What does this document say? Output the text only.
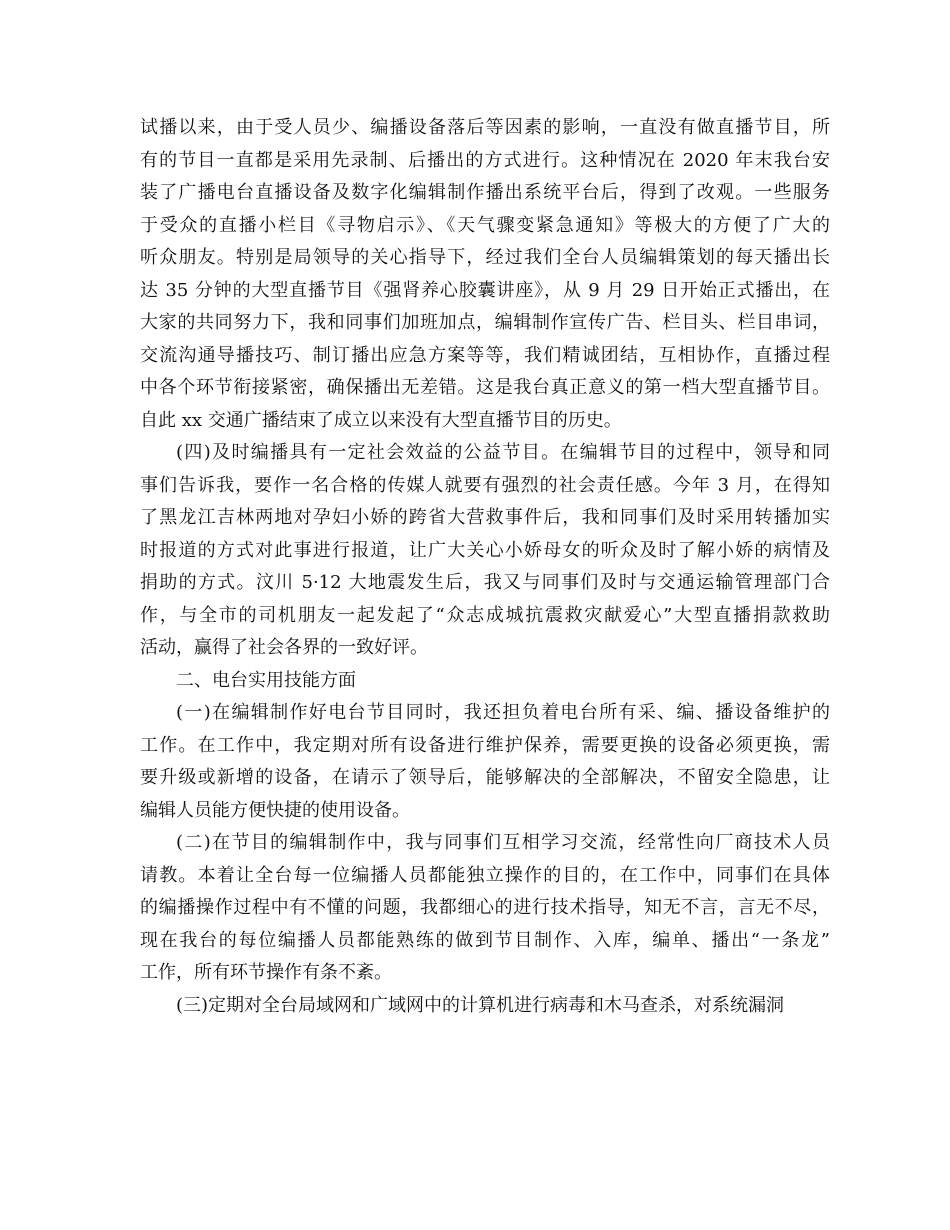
试播以来，由于受人员少、编播设备落后等因素的影响，一直没有做直播节目，所
有的节目一直都是采用先录制、后播出的方式进行。这种情况在 2020 年末我台安
装了广播电台直播设备及数字化编辑制作播出系统平台后，得到了改观。一些服务
于受众的直播小栏目《寻物启示》、《天气骤变紧急通知》等极大的方便了广大的
听众朋友。特别是局领导的关心指导下，经过我们全台人员编辑策划的每天播出长
达 35 分钟的大型直播节目《强肾养心胶囊讲座》，从 9 月 29 日开始正式播出，在
大家的共同努力下，我和同事们加班加点，编辑制作宣传广告、栏目头、栏目串词，
交流沟通导播技巧、制订播出应急方案等等，我们精诚团结，互相协作，直播过程
中各个环节衔接紧密，确保播出无差错。这是我台真正意义的第一档大型直播节目。
自此 xx 交通广播结束了成立以来没有大型直播节目的历史。
(四)及时编播具有一定社会效益的公益节目。在编辑节目的过程中，领导和同
事们告诉我，要作一名合格的传媒人就要有强烈的社会责任感。今年 3 月，在得知
了黑龙江吉林两地对孕妇小娇的跨省大营救事件后，我和同事们及时采用转播加实
时报道的方式对此事进行报道，让广大关心小娇母女的听众及时了解小娇的病情及
捐助的方式。汶川 5·12 大地震发生后，我又与同事们及时与交通运输管理部门合
作，与全市的司机朋友一起发起了“众志成城抗震救灾献爱心”大型直播捐款救助
活动，赢得了社会各界的一致好评。
二、电台实用技能方面
(一)在编辑制作好电台节目同时，我还担负着电台所有采、编、播设备维护的
工作。在工作中，我定期对所有设备进行维护保养，需要更换的设备必须更换，需
要升级或新增的设备，在请示了领导后，能够解决的全部解决，不留安全隐患，让
编辑人员能方便快捷的使用设备。
(二)在节目的编辑制作中，我与同事们互相学习交流，经常性向厂商技术人员
请教。本着让全台每一位编播人员都能独立操作的目的，在工作中，同事们在具体
的编播操作过程中有不懂的问题，我都细心的进行技术指导，知无不言，言无不尽，
现在我台的每位编播人员都能熟练的做到节目制作、入库，编单、播出“一条龙”
工作，所有环节操作有条不紊。
(三)定期对全台局域网和广域网中的计算机进行病毒和木马查杀，对系统漏洞
